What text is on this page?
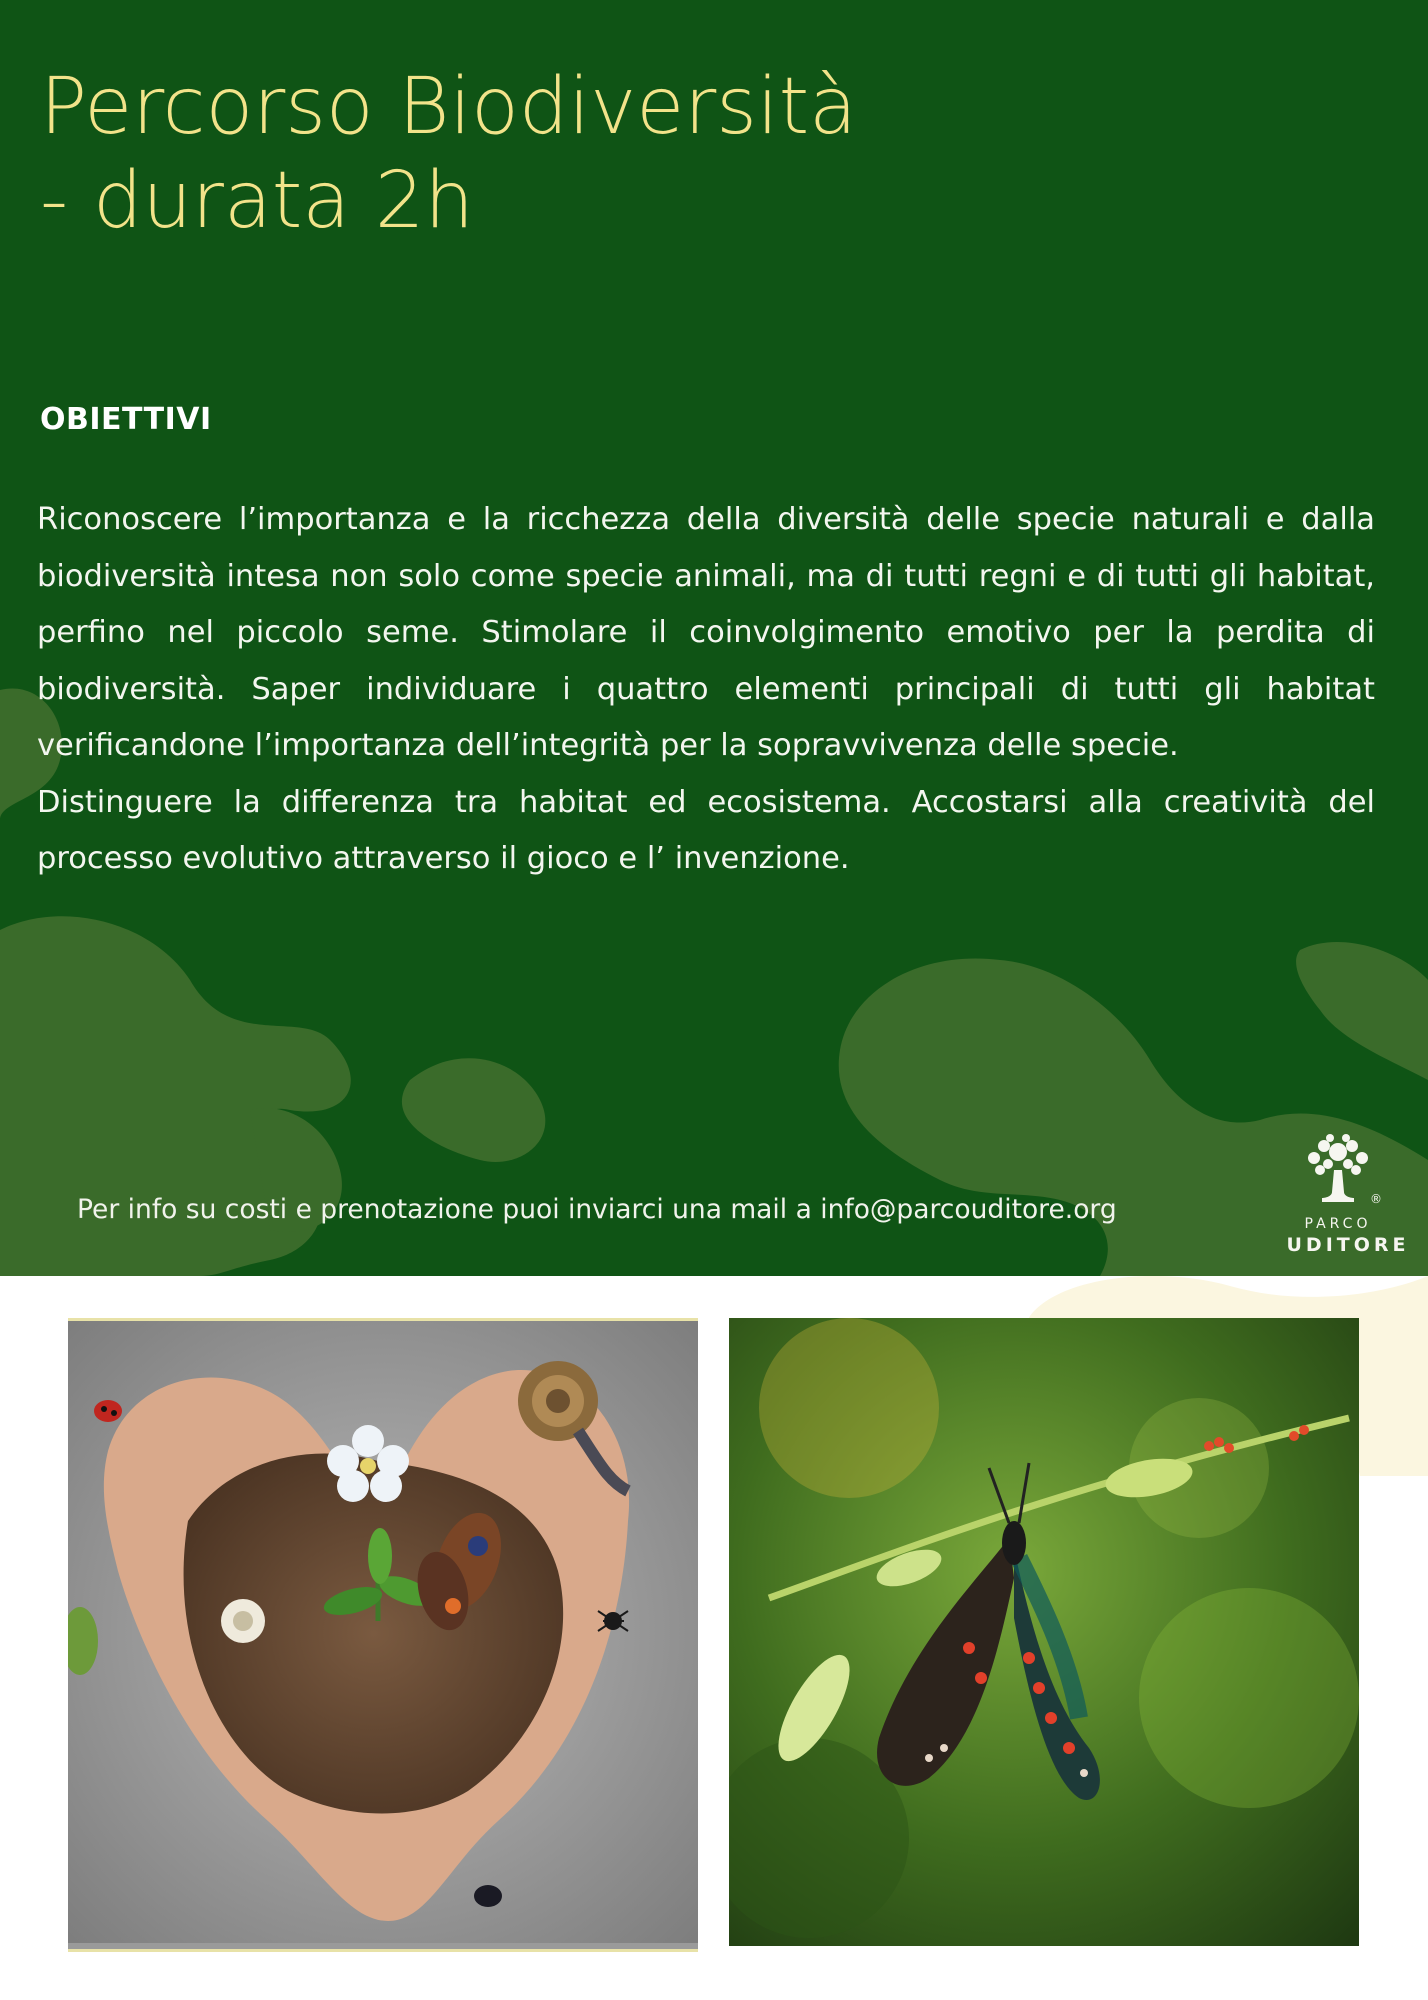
Percorso Biodiversità
- durata 2h
OBIETTIVI

Riconoscere l’importanza e la ricchezza della diversità delle specie naturali e dalla biodiversità intesa non solo come specie animali, ma di tutti regni e di tutti gli habitat, perfino nel piccolo seme. Stimolare il coinvolgimento emotivo per la perdita di biodiversità. Saper individuare i quattro elementi principali di tutti gli habitat verificandone l’importanza dell’integrità per la sopravvivenza delle specie.

Distinguere la differenza tra habitat ed ecosistema. Accostarsi alla creatività del processo evolutivo attraverso il gioco e l’ invenzione.

Per info su costi e prenotazione puoi inviarci una mail a info@parcouditore.org	®
PARCO
UDITORE
